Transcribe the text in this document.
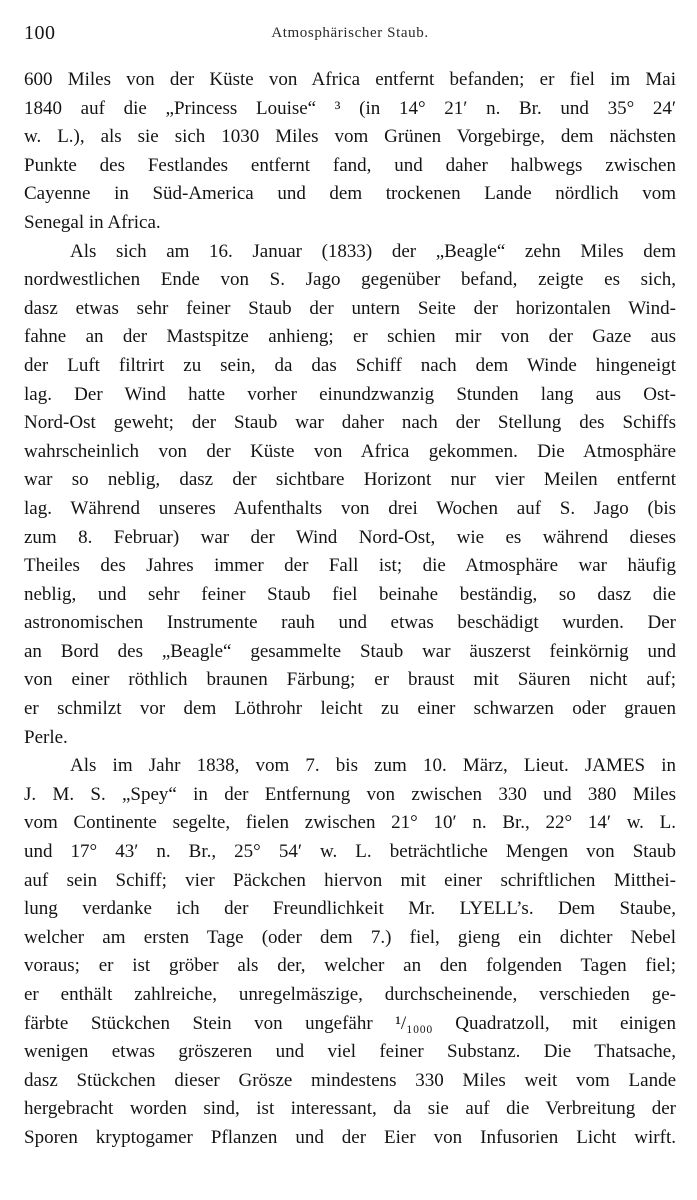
100	Atmosphärischer Staub.
600 Miles von der Küste von Africa entfernt befanden; er fiel im Mai
1840 auf die „Princess Louise“ ³ (in 14° 21′ n. Br. und 35° 24′
w. L.), als sie sich 1030 Miles vom Grünen Vorgebirge, dem nächsten
Punkte des Festlandes entfernt fand, und daher halbwegs zwischen
Cayenne in Süd-America und dem trockenen Lande nördlich vom
Senegal in Africa.
Als sich am 16. Januar (1833) der „Beagle“ zehn Miles dem
nordwestlichen Ende von S. Jago gegenüber befand, zeigte es sich,
dasz etwas sehr feiner Staub der untern Seite der horizontalen Wind-
fahne an der Mastspitze anhieng; er schien mir von der Gaze aus
der Luft filtrirt zu sein, da das Schiff nach dem Winde hingeneigt
lag. Der Wind hatte vorher einundzwanzig Stunden lang aus Ost-
Nord-Ost geweht; der Staub war daher nach der Stellung des Schiffs
wahrscheinlich von der Küste von Africa gekommen. Die Atmosphäre
war so neblig, dasz der sichtbare Horizont nur vier Meilen entfernt
lag. Während unseres Aufenthalts von drei Wochen auf S. Jago (bis
zum 8. Februar) war der Wind Nord-Ost, wie es während dieses
Theiles des Jahres immer der Fall ist; die Atmosphäre war häufig
neblig, und sehr feiner Staub fiel beinahe beständig, so dasz die
astronomischen Instrumente rauh und etwas beschädigt wurden. Der
an Bord des „Beagle“ gesammelte Staub war äuszerst feinkörnig und
von einer röthlich braunen Färbung; er braust mit Säuren nicht auf;
er schmilzt vor dem Löthrohr leicht zu einer schwarzen oder grauen
Perle.
Als im Jahr 1838, vom 7. bis zum 10. März, Lieut. JAMES in
J. M. S. „Spey“ in der Entfernung von zwischen 330 und 380 Miles
vom Continente segelte, fielen zwischen 21° 10′ n. Br., 22° 14′ w. L.
und 17° 43′ n. Br., 25° 54′ w. L. beträchtliche Mengen von Staub
auf sein Schiff; vier Päckchen hiervon mit einer schriftlichen Mitthei-
lung verdanke ich der Freundlichkeit Mr. LYELL’s. Dem Staube,
welcher am ersten Tage (oder dem 7.) fiel, gieng ein dichter Nebel
voraus; er ist gröber als der, welcher an den folgenden Tagen fiel;
er enthält zahlreiche, unregelmäszige, durchscheinende, verschieden ge-
färbte Stückchen Stein von ungefähr ¹/₁₀₀₀ Quadratzoll, mit einigen
wenigen etwas gröszeren und viel feiner Substanz. Die Thatsache,
dasz Stückchen dieser Grösze mindestens 330 Miles weit vom Lande
hergebracht worden sind, ist interessant, da sie auf die Verbreitung der
Sporen kryptogamer Pflanzen und der Eier von Infusorien Licht wirft.
